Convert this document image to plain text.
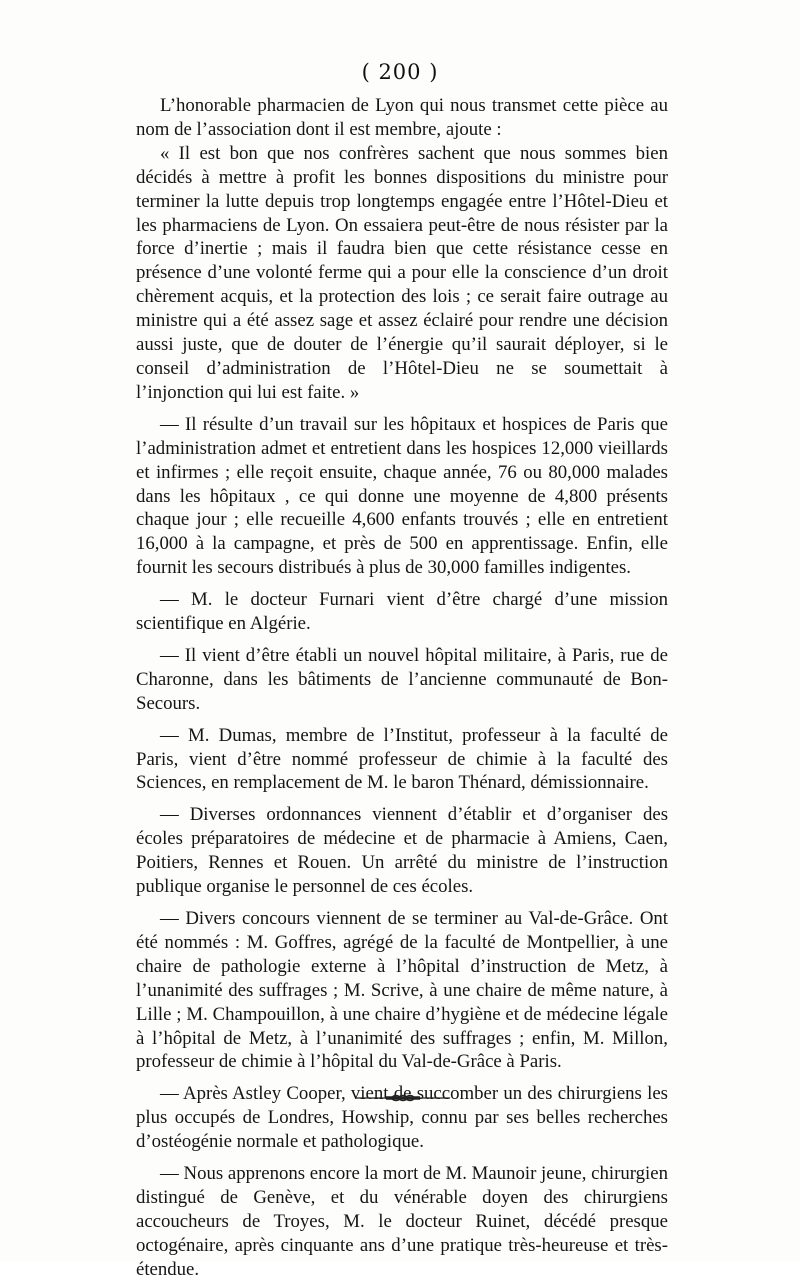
( 200 )

L’honorable pharmacien de Lyon qui nous transmet cette pièce au nom de l’association dont il est membre, ajoute :

« Il est bon que nos confrères sachent que nous sommes bien décidés à mettre à profit les bonnes dispositions du ministre pour terminer la lutte depuis trop longtemps engagée entre l’Hôtel-Dieu et les pharmaciens de Lyon. On essaiera peut-être de nous résister par la force d’inertie ; mais il faudra bien que cette résistance cesse en présence d’une volonté ferme qui a pour elle la conscience d’un droit chèrement acquis, et la protection des lois ; ce serait faire outrage au ministre qui a été assez sage et assez éclairé pour rendre une décision aussi juste, que de douter de l’énergie qu’il saurait déployer, si le conseil d’administration de l’Hôtel-Dieu ne se soumettait à l’injonction qui lui est faite. »

— Il résulte d’un travail sur les hôpitaux et hospices de Paris que l’administration admet et entretient dans les hospices 12,000 vieillards et infirmes ; elle reçoit ensuite, chaque année, 76 ou 80,000 malades dans les hôpitaux , ce qui donne une moyenne de 4,800 présents chaque jour ; elle recueille 4,600 enfants trouvés ; elle en entretient 16,000 à la campagne, et près de 500 en apprentissage. Enfin, elle fournit les secours distribués à plus de 30,000 familles indigentes.

— M. le docteur Furnari vient d’être chargé d’une mission scientifique en Algérie.

— Il vient d’être établi un nouvel hôpital militaire, à Paris, rue de Charonne, dans les bâtiments de l’ancienne communauté de Bon-Secours.

— M. Dumas, membre de l’Institut, professeur à la faculté de Paris, vient d’être nommé professeur de chimie à la faculté des Sciences, en remplacement de M. le baron Thénard, démissionnaire.

— Diverses ordonnances viennent d’établir et d’organiser des écoles préparatoires de médecine et de pharmacie à Amiens, Caen, Poitiers, Rennes et Rouen. Un arrêté du ministre de l’instruction publique organise le personnel de ces écoles.

— Divers concours viennent de se terminer au Val-de-Grâce. Ont été nommés : M. Goffres, agrégé de la faculté de Montpellier, à une chaire de pathologie externe à l’hôpital d’instruction de Metz, à l’unanimité des suffrages ; M. Scrive, à une chaire de même nature, à Lille ; M. Champouillon, à une chaire d’hygiène et de médecine légale à l’hôpital de Metz, à l’unanimité des suffrages ; enfin, M. Millon, professeur de chimie à l’hôpital du Val-de-Grâce à Paris.

— Après Astley Cooper, vient de succomber un des chirurgiens les plus occupés de Londres, Howship, connu par ses belles recherches d’ostéogénie normale et pathologique.

— Nous apprenons encore la mort de M. Maunoir jeune, chirurgien distingué de Genève, et du vénérable doyen des chirurgiens accoucheurs de Troyes, M. le docteur Ruinet, décédé presque octogénaire, après cinquante ans d’une pratique très-heureuse et très-étendue.
